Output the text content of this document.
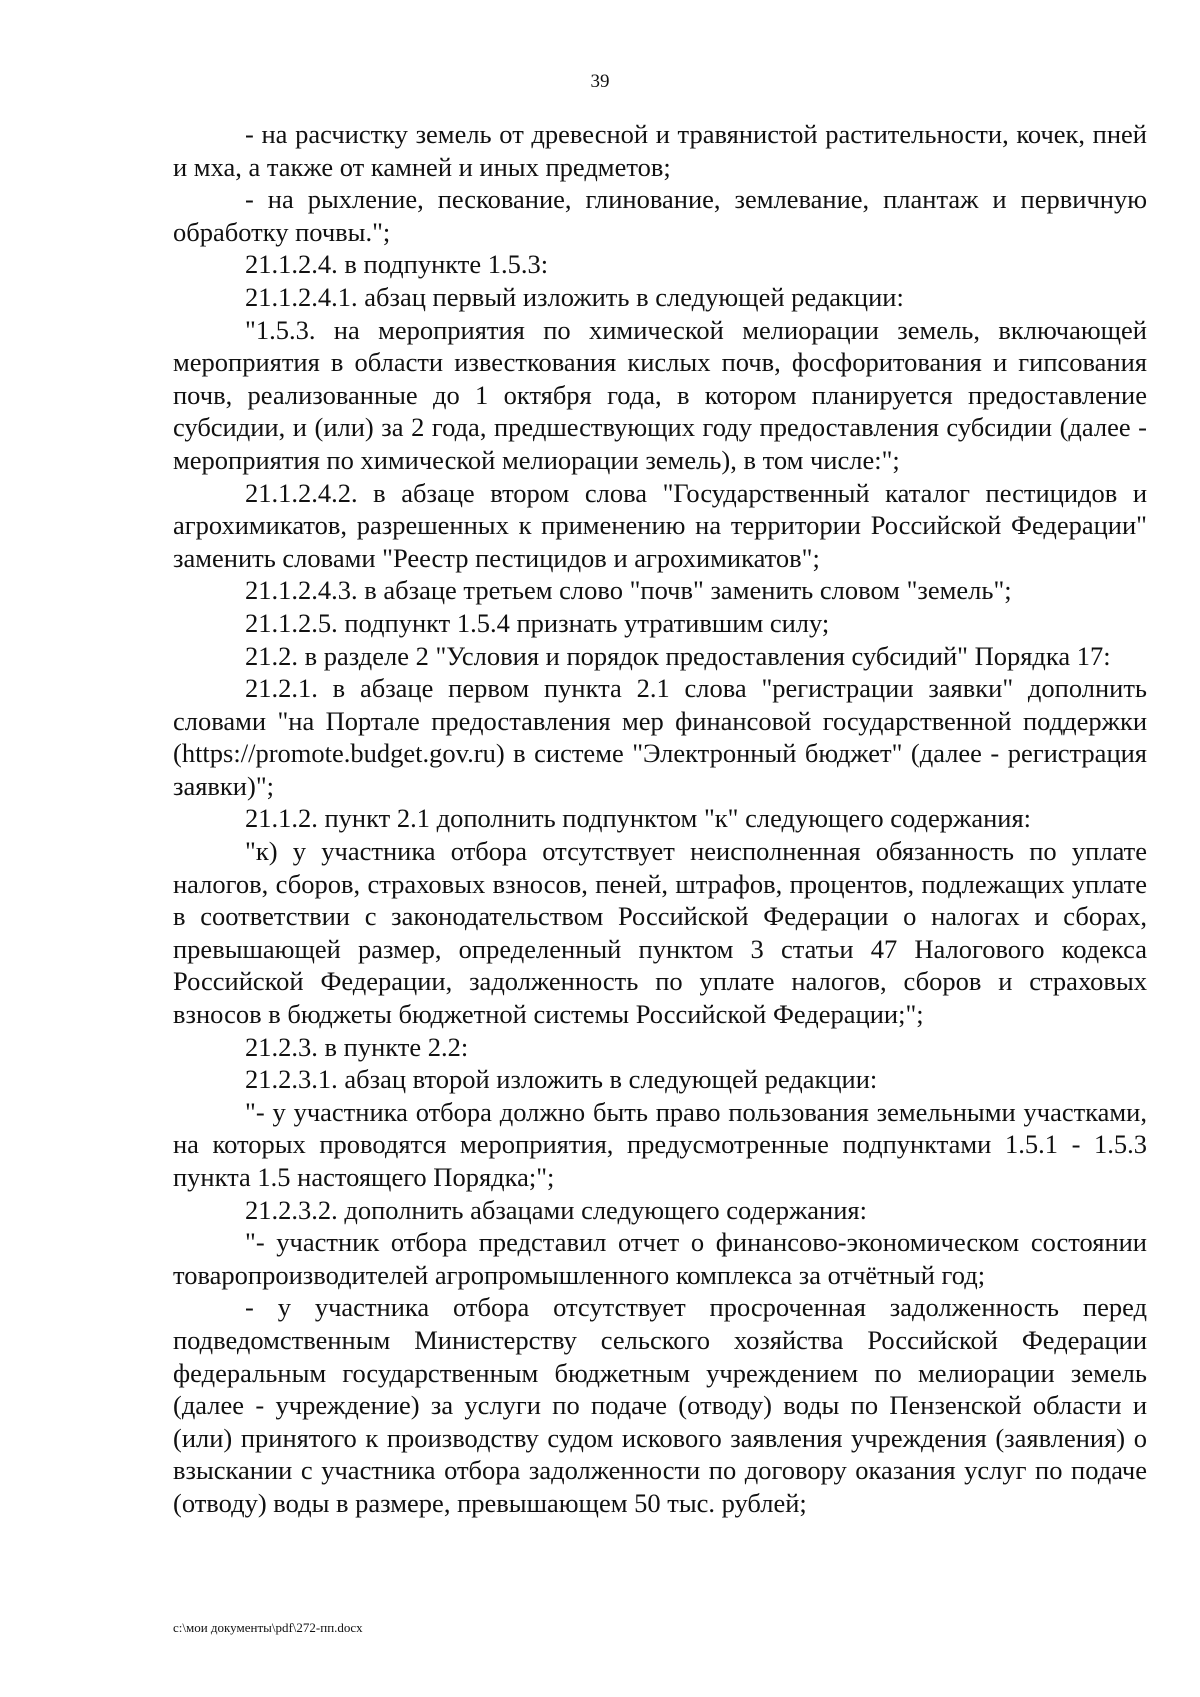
39

- на расчистку земель от древесной и травянистой растительности, кочек, пней и мха, а также от камней и иных предметов;

- на рыхление, пескование, глинование, землевание, плантаж и первичную обработку почвы.";

21.1.2.4. в подпункте 1.5.3:

21.1.2.4.1. абзац первый изложить в следующей редакции:

"1.5.3. на мероприятия по химической мелиорации земель, включающей мероприятия в области известкования кислых почв, фосфоритования и гипсования почв, реализованные до 1 октября года, в котором планируется предоставление субсидии, и (или) за 2 года, предшествующих году предоставления субсидии (далее - мероприятия по химической мелиорации земель), в том числе:";

21.1.2.4.2. в абзаце втором слова "Государственный каталог пестицидов и агрохимикатов, разрешенных к применению на территории Российской Федерации" заменить словами "Реестр пестицидов и агрохимикатов";

21.1.2.4.3. в абзаце третьем слово "почв" заменить словом "земель";

21.1.2.5. подпункт 1.5.4 признать утратившим силу;

21.2. в разделе 2 "Условия и порядок предоставления субсидий" Порядка 17:

21.2.1. в абзаце первом пункта 2.1 слова "регистрации заявки" дополнить словами "на Портале предоставления мер финансовой государственной поддержки (https://promote.budget.gov.ru) в системе "Электронный бюджет" (далее - регистрация заявки)";

21.1.2. пункт 2.1 дополнить подпунктом "к" следующего содержания:

"к) у участника отбора отсутствует неисполненная обязанность по уплате налогов, сборов, страховых взносов, пеней, штрафов, процентов, подлежащих уплате в соответствии с законодательством Российской Федерации о налогах и сборах, превышающей размер, определенный пунктом 3 статьи 47 Налогового кодекса Российской Федерации, задолженность по уплате налогов, сборов и страховых взносов в бюджеты бюджетной системы Российской Федерации;";

21.2.3. в пункте 2.2:

21.2.3.1. абзац второй изложить в следующей редакции:

"- у участника отбора должно быть право пользования земельными участками, на которых проводятся мероприятия, предусмотренные подпунктами 1.5.1 - 1.5.3 пункта 1.5 настоящего Порядка;";

21.2.3.2. дополнить абзацами следующего содержания:

"- участник отбора представил отчет о финансово-экономическом состоянии товаропроизводителей агропромышленного комплекса за отчётный год;

- у участника отбора отсутствует просроченная задолженность перед подведомственным Министерству сельского хозяйства Российской Федерации федеральным государственным бюджетным учреждением по мелиорации земель (далее - учреждение) за услуги по подаче (отводу) воды по Пензенской области и (или) принятого к производству судом искового заявления учреждения (заявления) о взыскании с участника отбора задолженности по договору оказания услуг по подаче (отводу) воды в размере, превышающем 50 тыс. рублей;

c:\мои документы\pdf\272-пп.docx
